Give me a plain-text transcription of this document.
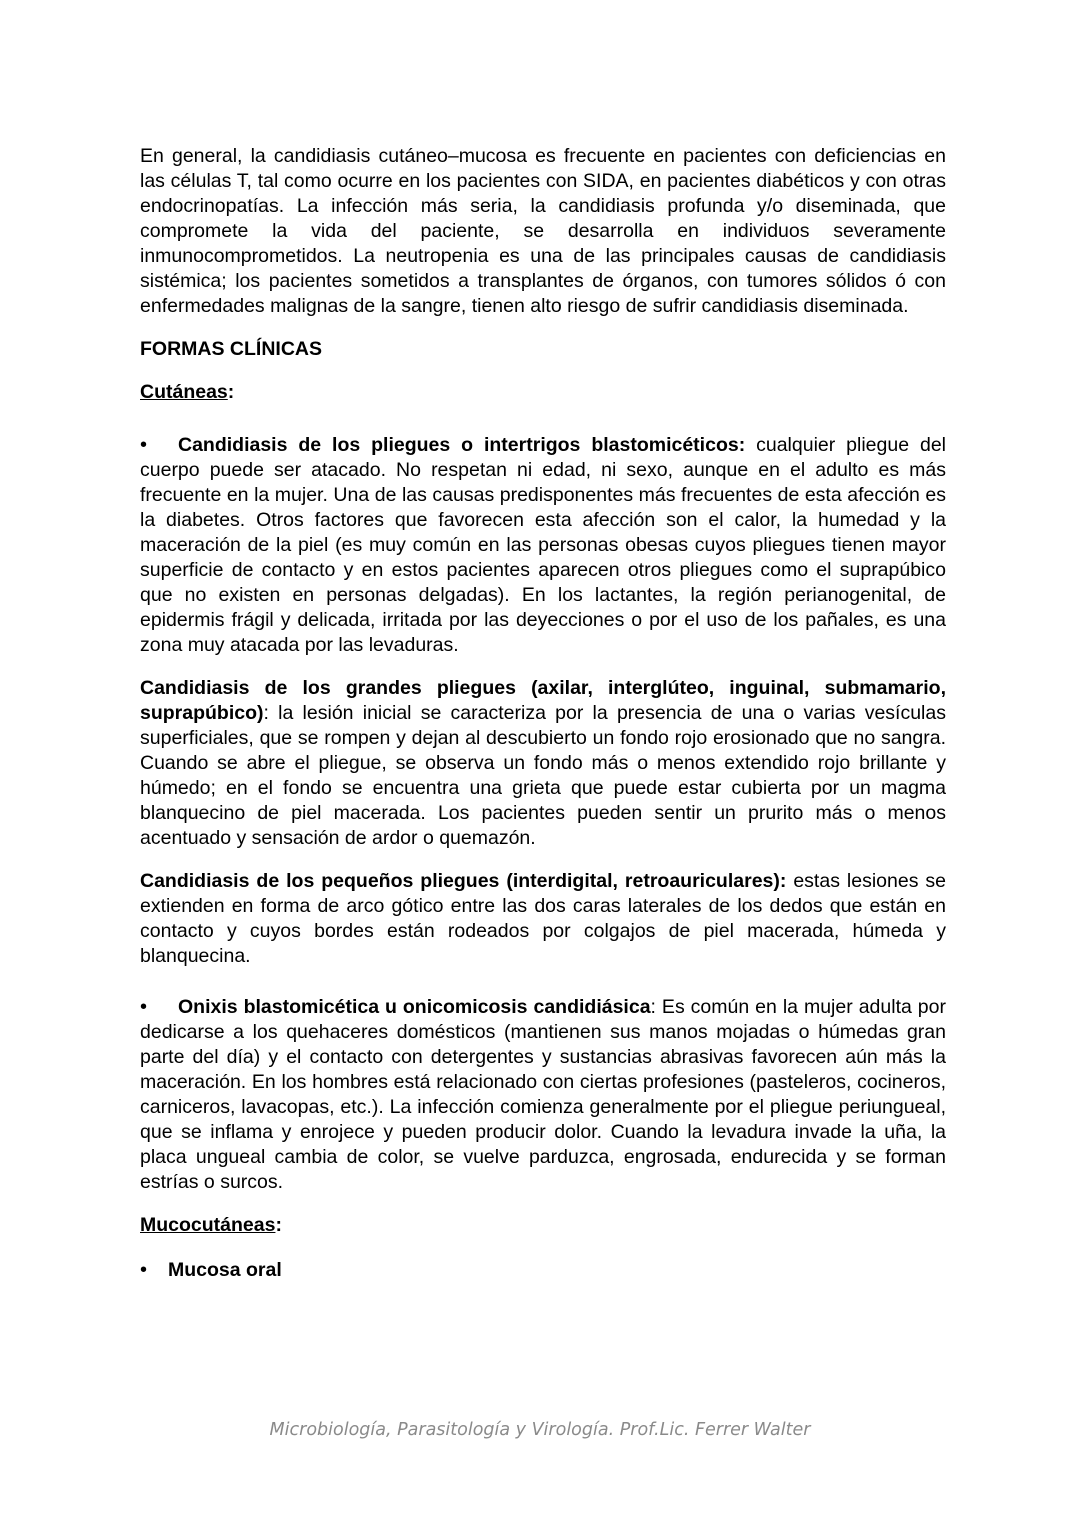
En general, la candidiasis cutáneo–mucosa es frecuente en pacientes con deficiencias en las células T, tal como ocurre en los pacientes con SIDA, en pacientes diabéticos y con otras endocrinopatías. La infección más seria, la candidiasis profunda y/o diseminada, que compromete la vida del paciente, se desarrolla en individuos severamente inmunocomprometidos. La neutropenia es una de las principales causas de candidiasis sistémica; los pacientes sometidos a transplantes de órganos, con tumores sólidos ó con enfermedades malignas de la sangre, tienen alto riesgo de sufrir candidiasis diseminada.

FORMAS CLÍNICAS
Cutáneas:

• Candidiasis de los pliegues o intertrigos blastomicéticos: cualquier pliegue del cuerpo puede ser atacado. No respetan ni edad, ni sexo, aunque en el adulto es más frecuente en la mujer. Una de las causas predisponentes más frecuentes de esta afección es la diabetes. Otros factores que favorecen esta afección son el calor, la humedad y la maceración de la piel (es muy común en las personas obesas cuyos pliegues tienen mayor superficie de contacto y en estos pacientes aparecen otros pliegues como el suprapúbico que no existen en personas delgadas). En los lactantes, la región perianogenital, de epidermis frágil y delicada, irritada por las deyecciones o por el uso de los pañales, es una zona muy atacada por las levaduras.

Candidiasis de los grandes pliegues (axilar, interglúteo, inguinal, submamario, suprapúbico): la lesión inicial se caracteriza por la presencia de una o varias vesículas superficiales, que se rompen y dejan al descubierto un fondo rojo erosionado que no sangra. Cuando se abre el pliegue, se observa un fondo más o menos extendido rojo brillante y húmedo; en el fondo se encuentra una grieta que puede estar cubierta por un magma blanquecino de piel macerada. Los pacientes pueden sentir un prurito más o menos acentuado y sensación de ardor o quemazón.

Candidiasis de los pequeños pliegues (interdigital, retroauriculares): estas lesiones se extienden en forma de arco gótico entre las dos caras laterales de los dedos que están en contacto y cuyos bordes están rodeados por colgajos de piel macerada, húmeda y blanquecina.

• Onixis blastomicética u onicomicosis candidiásica: Es común en la mujer adulta por dedicarse a los quehaceres domésticos (mantienen sus manos mojadas o húmedas gran parte del día) y el contacto con detergentes y sustancias abrasivas favorecen aún más la maceración. En los hombres está relacionado con ciertas profesiones (pasteleros, cocineros, carniceros, lavacopas, etc.). La infección comienza generalmente por el pliegue periungueal, que se inflama y enrojece y pueden producir dolor. Cuando la levadura invade la uña, la placa ungueal cambia de color, se vuelve parduzca, engrosada, endurecida y se forman estrías o surcos.

Mucocutáneas:

• Mucosa oral

Microbiología, Parasitología y Virología. Prof.Lic. Ferrer Walter
